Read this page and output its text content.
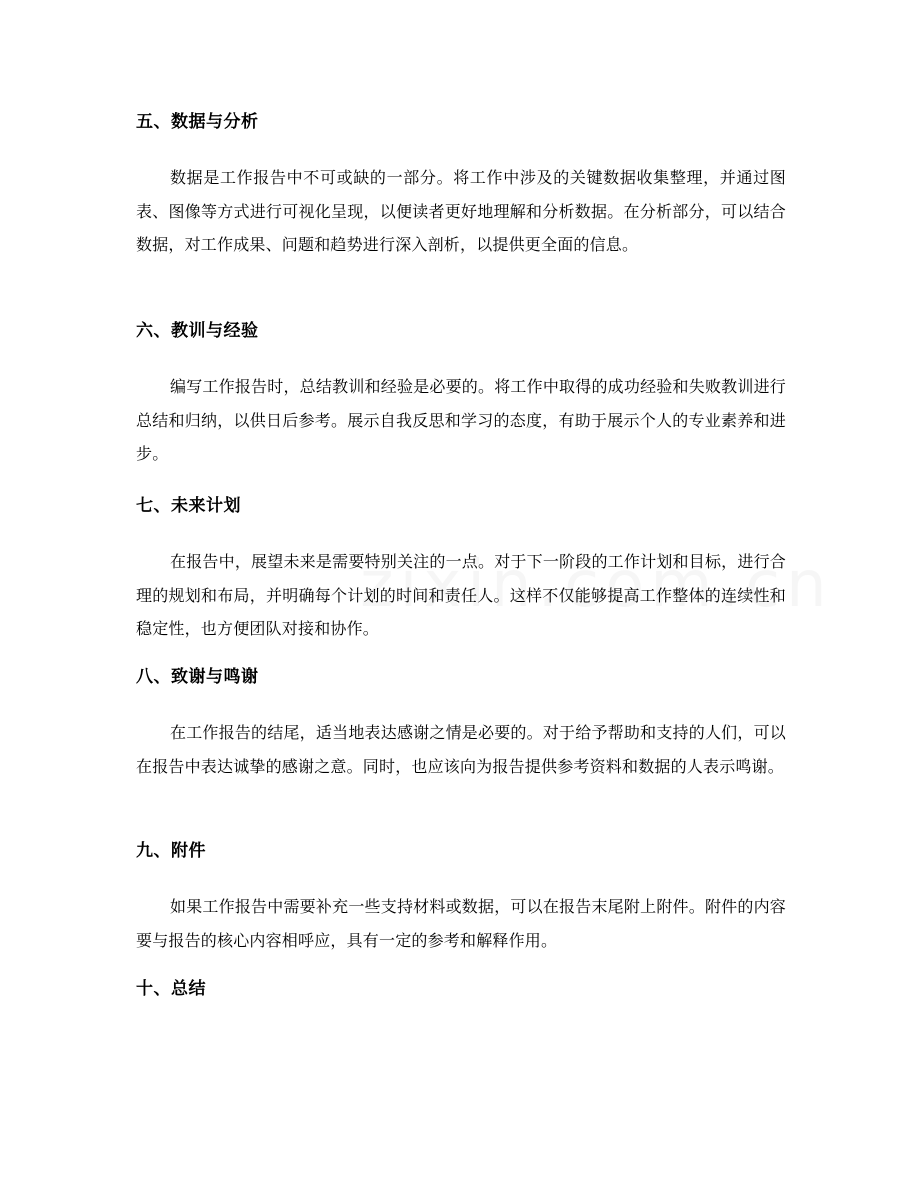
五、数据与分析

数据是工作报告中不可或缺的一部分。将工作中涉及的关键数据收集整理，并通过图表、图像等方式进行可视化呈现，以便读者更好地理解和分析数据。在分析部分，可以结合数据，对工作成果、问题和趋势进行深入剖析，以提供更全面的信息。

六、教训与经验

编写工作报告时，总结教训和经验是必要的。将工作中取得的成功经验和失败教训进行总结和归纳，以供日后参考。展示自我反思和学习的态度，有助于展示个人的专业素养和进步。

七、未来计划

在报告中，展望未来是需要特别关注的一点。对于下一阶段的工作计划和目标，进行合理的规划和布局，并明确每个计划的时间和责任人。这样不仅能够提高工作整体的连续性和稳定性，也方便团队对接和协作。

八、致谢与鸣谢

在工作报告的结尾，适当地表达感谢之情是必要的。对于给予帮助和支持的人们，可以在报告中表达诚挚的感谢之意。同时，也应该向为报告提供参考资料和数据的人表示鸣谢。

九、附件

如果工作报告中需要补充一些支持材料或数据，可以在报告末尾附上附件。附件的内容要与报告的核心内容相呼应，具有一定的参考和解释作用。

十、总结
